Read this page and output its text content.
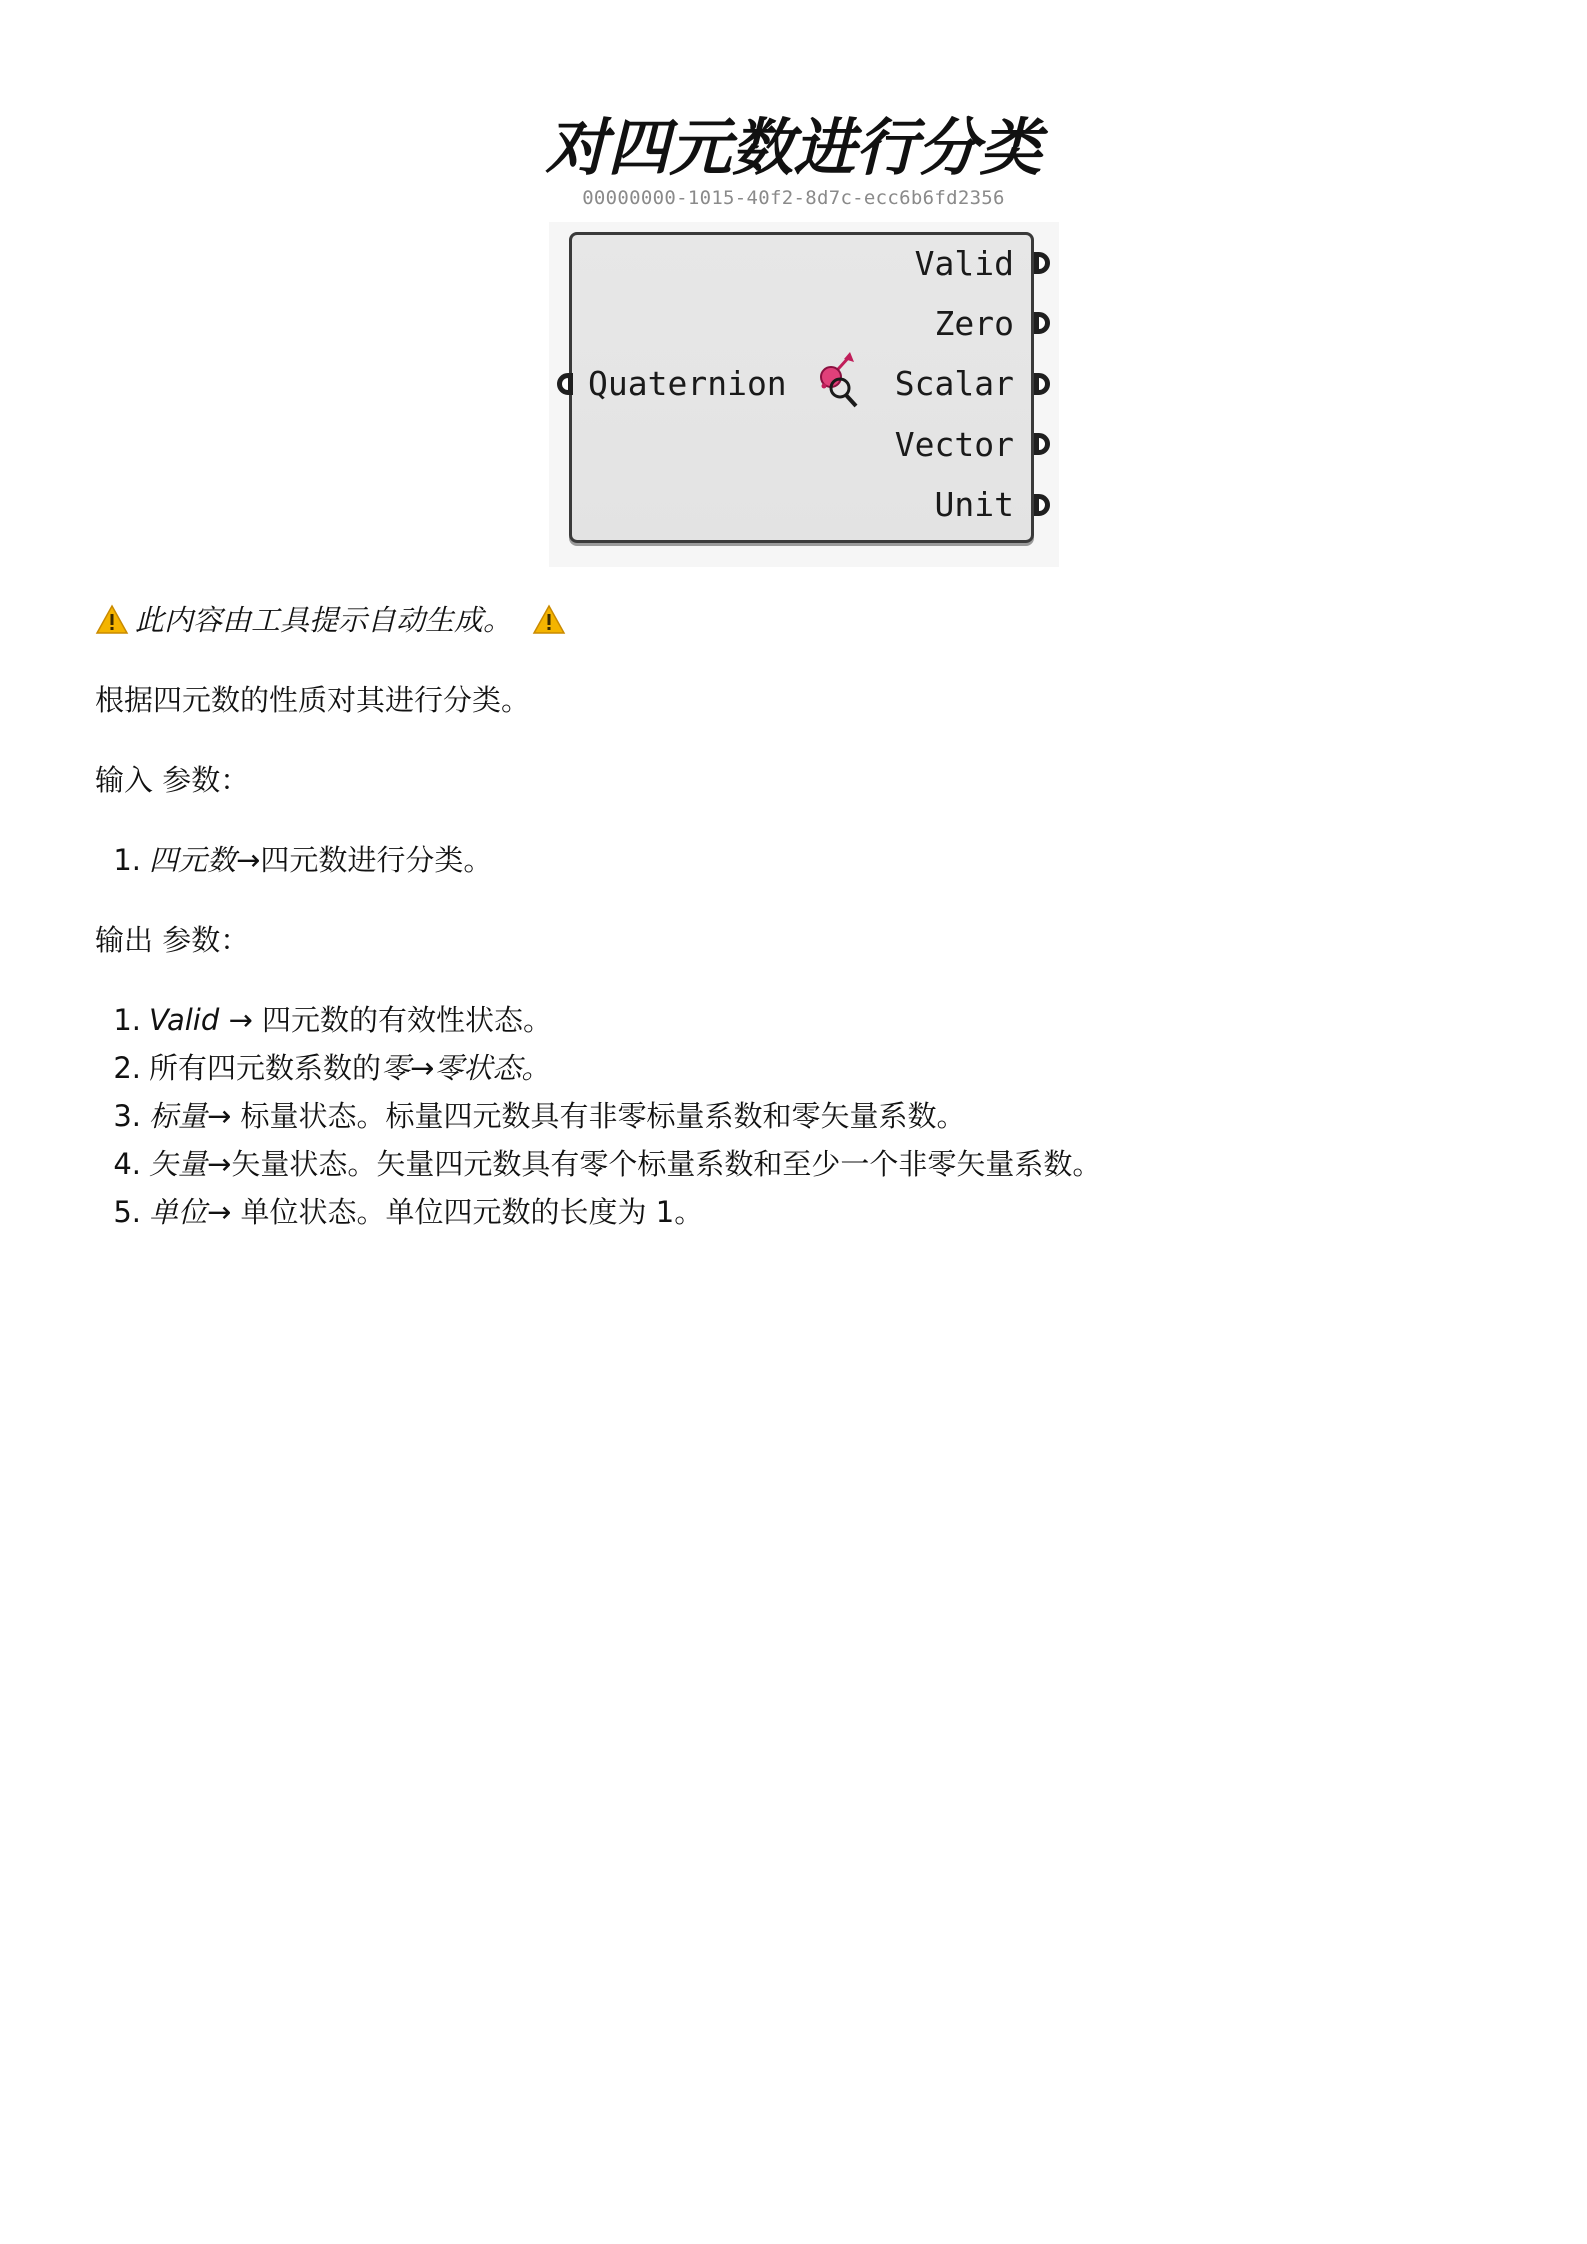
对四元数进行分类
00000000-1015-40f2-8d7c-ecc6b6fd2356
Quaternion
Valid
Zero
Scalar
Vector
Unit

此内容由工具提示自动生成。

根据四元数的性质对其进行分类。

输入 参数：

1. 四元数→四元数进行分类。

输出 参数：

1. Valid → 四元数的有效性状态。
2. 所有四元数系数的零→零状态。
3. 标量→ 标量状态。标量四元数具有非零标量系数和零矢量系数。
4. 矢量→矢量状态。矢量四元数具有零个标量系数和至少一个非零矢量系数。
5. 单位→ 单位状态。单位四元数的长度为 1。
